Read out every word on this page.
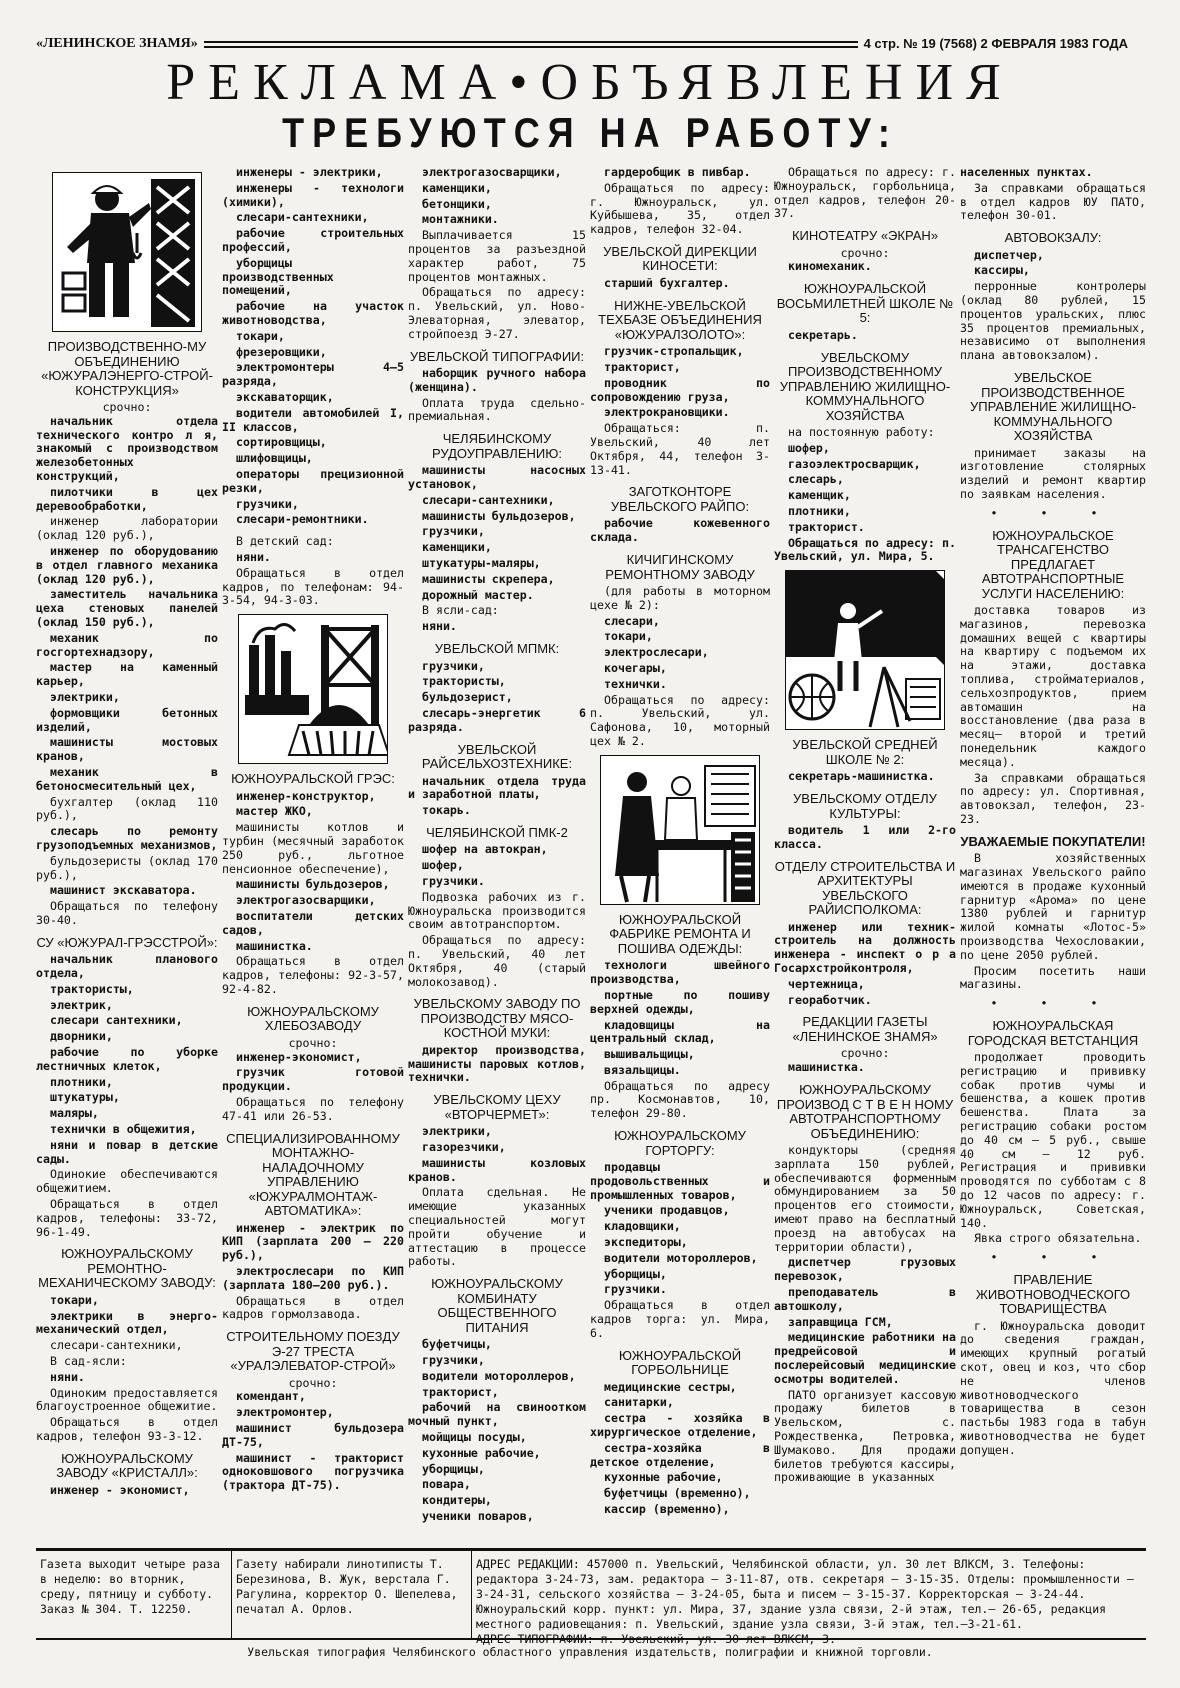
«ЛЕНИНСКОЕ ЗНАМЯ»	4 стр. № 19 (7568) 2 ФЕВРАЛЯ 1983 ГОДА
РЕКЛАМА•ОБЪЯВЛЕНИЯ
ТРЕБУЮТСЯ НА РАБОТУ:
ПРОИЗВОДСТВЕННО-МУ ОБЪЕДИНЕНИЮ «ЮЖУРАЛЭНЕРГО-СТРОЙ-КОНСТРУКЦИЯ»
срочно:
начальник отдела технического контро л я, знакомый с производством железобетонных конструкций,
пилотчики в цех деревообработки,
инженер лаборатории (оклад 120 руб.),
инженер по оборудованию в отдел главного механика (оклад 120 руб.),
заместитель начальника цеха стеновых панелей (оклад 150 руб.),
механик по госгортехнадзору,
мастер на каменный карьер,
электрики,
формовщики бетонных изделий,
машинисты мостовых кранов,
механик в бетоносмесительный цех,
бухгалтер (оклад 110 руб.),
слесарь по ремонту грузоподъемных механизмов,
бульдозеристы (оклад 170 руб.),
машинист экскаватора.
Обращаться по телефону 30-40.
СУ «ЮЖУРАЛ-ГРЭССТРОЙ»:
начальник планового отдела,
трактористы,
электрик,
слесари сантехники,
дворники,
рабочие по уборке лестничных клеток,
плотники,
штукатуры,
маляры,
технички в общежития,
няни и повар в детские сады.
Одинокие обеспечиваются общежитием.
Обращаться в отдел кадров, телефоны: 33-72, 96-1-49.
ЮЖНОУРАЛЬСКОМУ РЕМОНТНО-МЕХАНИЧЕСКОМУ ЗАВОДУ:
токари,
электрики в энерго-механический отдел,
слесари-сантехники,
В сад-ясли:
няни.
Одиноким предоставляется благоустроенное общежитие.
Обращаться в отдел кадров, телефон 93-3-12.
ЮЖНОУРАЛЬСКОМУ ЗАВОДУ «КРИСТАЛЛ»:
инженер - экономист,
инженеры - электрики,
инженеры - технологи (химики),
слесари-сантехники,
рабочие строительных профессий,
уборщицы производственных помещений,
рабочие на участок животноводства,
токари,
фрезеровщики,
электромонтеры 4—5 разряда,
экскаваторщик,
водители автомобилей I, II классов,
сортировщицы,
шлифовщицы,
операторы прецизионной резки,
грузчики,
слесари-ремонтники.
В детский сад:
няни.
Обращаться в отдел кадров, по телефонам: 94-3-54, 94-3-03.
ЮЖНОУРАЛЬСКОЙ ГРЭС:
инженер-конструктор,
мастер ЖКО,
машинисты котлов и турбин (месячный заработок 250 руб., льготное пенсионное обеспечение),
машинисты бульдозеров,
электрогазосварщики,
воспитатели детских садов,
машинистка.
Обращаться в отдел кадров, телефоны: 92-3-57, 92-4-82.
ЮЖНОУРАЛЬСКОМУ ХЛЕБОЗАВОДУ
срочно:
инженер-экономист,
грузчик готовой продукции.
Обращаться по телефону 47-41 или 26-53.
СПЕЦИАЛИЗИРОВАННОМУ МОНТАЖНО-НАЛАДОЧНОМУ УПРАВЛЕНИЮ «ЮЖУРАЛМОНТАЖ-АВТОМАТИКА»:
инженер - электрик по КИП (зарплата 200 — 220 руб.),
электрослесари по КИП (зарплата 180—200 руб.).
Обращаться в отдел кадров гормолзавода.
СТРОИТЕЛЬНОМУ ПОЕЗДУ Э-27 ТРЕСТА «УРАЛЭЛЕВАТОР-СТРОЙ»
срочно:
комендант,
электромонтер,
машинист бульдозера ДТ-75,
машинист - тракторист одноковшового погрузчика (трактора ДТ-75).
электрогазосварщики,
каменщики,
бетонщики,
монтажники.
Выплачивается 15 процентов за разъездной характер работ, 75 процентов монтажных.
Обращаться по адресу: п. Увельский, ул. Ново-Элеваторная, элеватор, стройпоезд Э-27.
УВЕЛЬСКОЙ ТИПОГРАФИИ:
наборщик ручного набора (женщина).
Оплата труда сдельно-премиальная.
ЧЕЛЯБИНСКОМУ РУДОУПРАВЛЕНИЮ:
машинисты насосных установок,
слесари-сантехники,
машинисты бульдозеров,
грузчики,
каменщики,
штукатуры-маляры,
машинисты скрепера,
дорожный мастер.
В ясли-сад:
няни.
УВЕЛЬСКОЙ МПМК:
грузчики,
трактористы,
бульдозерист,
слесарь-энергетик 6 разряда.
УВЕЛЬСКОЙ РАЙСЕЛЬХОЗТЕХНИКЕ:
начальник отдела труда и заработной платы,
токарь.
ЧЕЛЯБИНСКОЙ ПМК-2
шофер на автокран,
шофер,
грузчики.
Подвозка рабочих из г. Южноуральска производится своим автотранспортом.
Обращаться по адресу: п. Увельский, 40 лет Октября, 40 (старый молокозавод).
УВЕЛЬСКОМУ ЗАВОДУ ПО ПРОИЗВОДСТВУ МЯСО-КОСТНОЙ МУКИ:
директор производства, машинисты паровых котлов, технички.
УВЕЛЬСКОМУ ЦЕХУ «ВТОРЧЕРМЕТ»:
электрики,
газорезчики,
машинисты козловых кранов.
Оплата сдельная. Не имеющие указанных специальностей могут пройти обучение и аттестацию в процессе работы.
ЮЖНОУРАЛЬСКОМУ КОМБИНАТУ ОБЩЕСТВЕННОГО ПИТАНИЯ
буфетчицы,
грузчики,
водители мотороллеров,
тракторист,
рабочий на свиноотком мочный пункт,
мойщицы посуды,
кухонные рабочие,
уборщицы,
повара,
кондитеры,
ученики поваров,
гардеробщик в пивбар.
Обращаться по адресу: г. Южноуральск, ул. Куйбышева, 35, отдел кадров, телефон 32-04.
УВЕЛЬСКОЙ ДИРЕКЦИИ КИНОСЕТИ:
старший бухгалтер.
НИЖНЕ-УВЕЛЬСКОЙ ТЕХБАЗЕ ОБЪЕДИНЕНИЯ «ЮЖУРАЛЗОЛОТО»:
грузчик-стропальщик,
тракторист,
проводник по сопровождению груза,
электрокрановщики.
Обращаться: п. Увельский, 40 лет Октября, 44, телефон 3-13-41.
ЗАГОТКОНТОРЕ УВЕЛЬСКОГО РАЙПО:
рабочие кожевенного склада.
КИЧИГИНСКОМУ РЕМОНТНОМУ ЗАВОДУ
(для работы в моторном цехе № 2):
слесари,
токари,
электрослесари,
кочегары,
технички.
Обращаться по адресу: п. Увельский, ул. Сафонова, 10, моторный цех № 2.
ЮЖНОУРАЛЬСКОЙ ФАБРИКЕ РЕМОНТА И ПОШИВА ОДЕЖДЫ:
технологи швейного производства,
портные по пошиву верхней одежды,
кладовщицы на центральный склад,
вышивальщицы,
вязальщицы.
Обращаться по адресу пр. Космонавтов, 10, телефон 29-80.
ЮЖНОУРАЛЬСКОМУ ГОРТОРГУ:
продавцы продовольственных и промышленных товаров,
ученики продавцов,
кладовщики,
экспедиторы,
водители мотороллеров,
уборщицы,
грузчики.
Обращаться в отдел кадров торга: ул. Мира, 6.
ЮЖНОУРАЛЬСКОЙ ГОРБОЛЬНИЦЕ
медицинские сестры,
санитарки,
сестра - хозяйка в хирургическое отделение,
сестра-хозяйка в детское отделение,
кухонные рабочие,
буфетчицы (временно),
кассир (временно),
Обращаться по адресу: г. Южноуральск, горбольница, отдел кадров, телефон 20-37.
КИНОТЕАТРУ «ЭКРАН»
срочно:
киномеханик.
ЮЖНОУРАЛЬСКОЙ ВОСЬМИЛЕТНЕЙ ШКОЛЕ № 5:
секретарь.
УВЕЛЬСКОМУ ПРОИЗВОДСТВЕННОМУ УПРАВЛЕНИЮ ЖИЛИЩНО-КОММУНАЛЬНОГО ХОЗЯЙСТВА
на постоянную работу:
шофер,
газоэлектросварщик,
слесарь,
каменщик,
плотники,
тракторист.
Обращаться по адресу: п. Увельский, ул. Мира, 5.
УВЕЛЬСКОЙ СРЕДНЕЙ ШКОЛЕ № 2:
секретарь-машинистка.
УВЕЛЬСКОМУ ОТДЕЛУ КУЛЬТУРЫ:
водитель 1 или 2-го класса.
ОТДЕЛУ СТРОИТЕЛЬСТВА И АРХИТЕКТУРЫ УВЕЛЬСКОГО РАЙИСПОЛКОМА:
инженер или техник-строитель на должность инженера - инспект о р а Госархстройконтроля,
чертежница,
геоработчик.
РЕДАКЦИИ ГАЗЕТЫ «ЛЕНИНСКОЕ ЗНАМЯ»
срочно:
машинистка.
ЮЖНОУРАЛЬСКОМУ ПРОИЗВОД С Т В Е Н НОМУ АВТОТРАНСПОРТНОМУ ОБЪЕДИНЕНИЮ:
кондукторы (средняя зарплата 150 рублей, обеспечиваются форменным обмундированием за 50 процентов его стоимости, имеют право на бесплатный проезд на автобусах на территории области),
диспетчер грузовых перевозок,
преподаватель в автошколу,
заправщица ГСМ,
медицинские работники на предрейсовой и послерейсовый медицинские осмотры водителей.
ПАТО организует кассовую продажу билетов в Увельском, с. Рождественка, Петровка, Шумаково. Для продажи билетов требуются кассиры, проживающие в указанных
населенных пунктах.
За справками обращаться в отдел кадров ЮУ ПАТО, телефон 30-01.
АВТОВОКЗАЛУ:
диспетчер,
кассиры,
перронные контролеры (оклад 80 рублей, 15 процентов уральских, плюс 35 процентов премиальных, независимо от выполнения плана автовокзалом).
УВЕЛЬСКОЕ ПРОИЗВОДСТВЕННОЕ УПРАВЛЕНИЕ ЖИЛИЩНО-КОММУНАЛЬНОГО ХОЗЯЙСТВА
принимает заказы на изготовление столярных изделий и ремонт квартир по заявкам населения.
• • •
ЮЖНОУРАЛЬСКОЕ ТРАНСАГЕНСТВО ПРЕДЛАГАЕТ АВТОТРАНСПОРТНЫЕ УСЛУГИ НАСЕЛЕНИЮ:
доставка товаров из магазинов, перевозка домашних вещей с квартиры на квартиру с подъемом их на этажи, доставка топлива, стройматериалов, сельхозпродуктов, прием автомашин на восстановление (два раза в месяц— второй и третий понедельник каждого месяца).
За справками обращаться по адресу: ул. Спортивная, автовокзал, телефон, 23-23.
УВАЖАЕМЫЕ ПОКУПАТЕЛИ!
В хозяйственных магазинах Увельского райпо имеются в продаже кухонный гарнитур «Арома» по цене 1380 рублей и гарнитур жилой комнаты «Лотос-5» производства Чехословакии, по цене 2050 рублей.
Просим посетить наши магазины.
• • •
ЮЖНОУРАЛЬСКАЯ ГОРОДСКАЯ ВЕТСТАНЦИЯ
продолжает проводить регистрацию и прививку собак против чумы и бешенства, а кошек против бешенства. Плата за регистрацию собаки ростом до 40 см — 5 руб., свыше 40 см — 12 руб. Регистрация и прививки проводятся по субботам с 8 до 12 часов по адресу: г. Южноуральск, Советская, 140.
Явка строго обязательна.
• • •
ПРАВЛЕНИЕ ЖИВОТНОВОДЧЕСКОГО ТОВАРИЩЕСТВА
г. Южноуральска доводит до сведения граждан, имеющих крупный рогатый скот, овец и коз, что сбор не членов животноводческого товарищества в сезон пастьбы 1983 года в табун животноводчества не будет допущен.
Газета выходит четыре раза в неделю: во вторник, среду, пятницу и субботу. Заказ № 304. Т. 12250.
Газету набирали линотиписты Т. Березинова, В. Жук, верстала Г. Рагулина, корректор О. Шепелева, печатал А. Орлов.
АДРЕС РЕДАКЦИИ: 457000 п. Увельский, Челябинской области, ул. 30 лет ВЛКСМ, 3. Телефоны: редактора 3-24-73, зам. редактора — 3-11-87, отв. секретаря — 3-15-35. Отделы: промышленности — 3-24-31, сельского хозяйства — 3-24-05, быта и писем — 3-15-37. Корректорская — 3-24-44. Южноуральский корр. пункт: ул. Мира, 37, здание узла связи, 2-й этаж, тел.— 26-65, редакция местного радиовещания: п. Увельский, здание узла связи, 3-й этаж, тел.—3-21-61.
АДРЕС ТИПОГРАФИИ: п. Увельский, ул. 30 лет ВЛКСМ, 3.
Увельская типография Челябинского областного управления издательств, полиграфии и книжной торговли.
